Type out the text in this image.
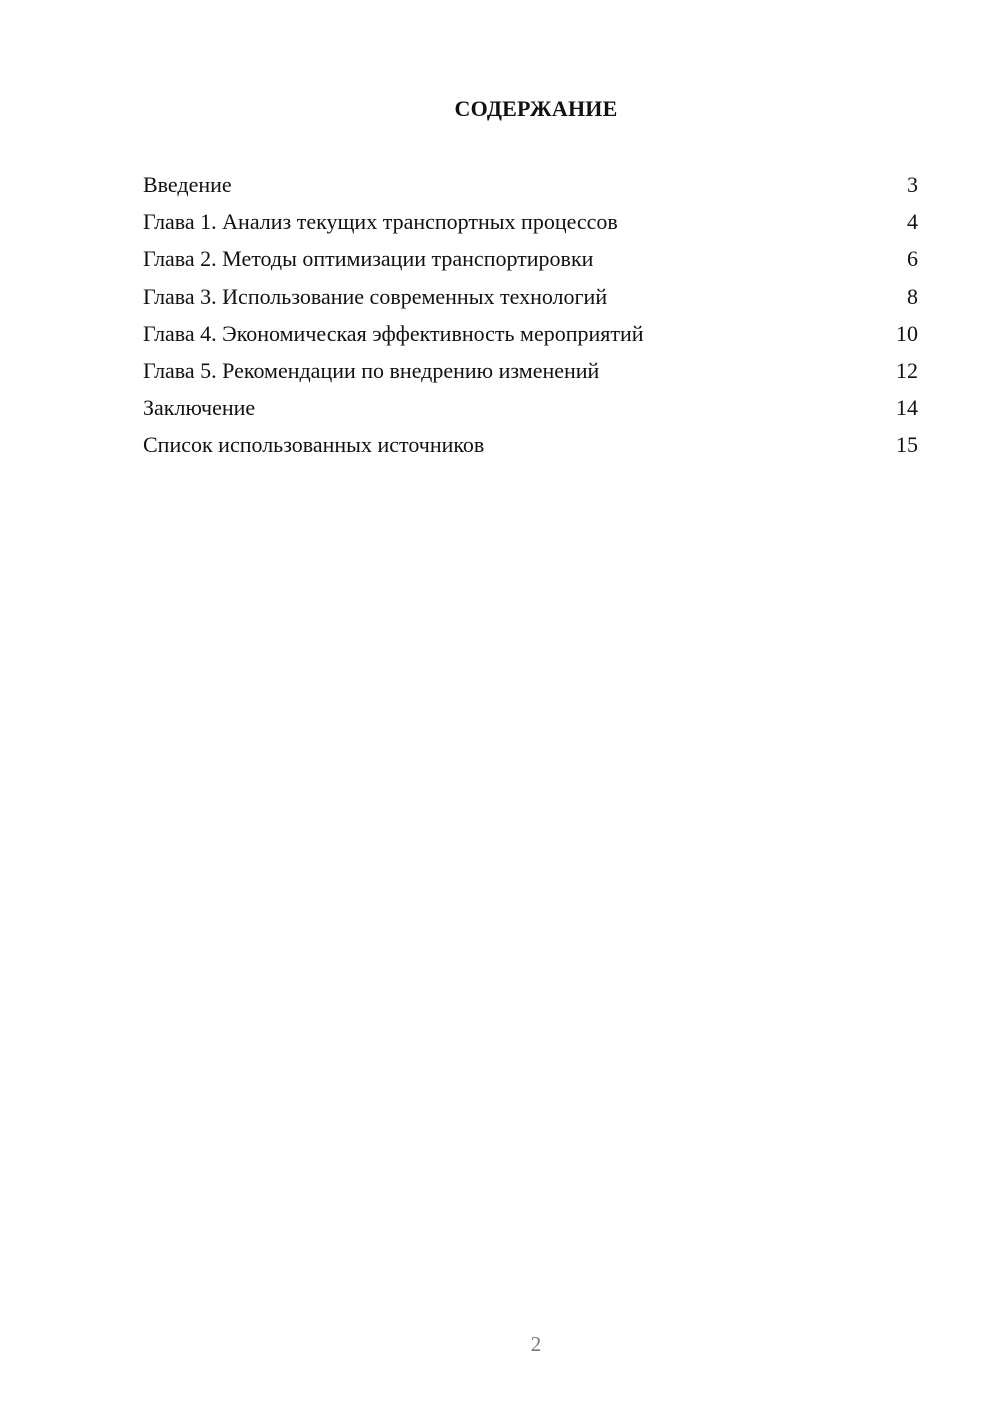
СОДЕРЖАНИЕ
Введение	3
Глава 1. Анализ текущих транспортных процессов	4
Глава 2. Методы оптимизации транспортировки	6
Глава 3. Использование современных технологий	8
Глава 4. Экономическая эффективность мероприятий	10
Глава 5. Рекомендации по внедрению изменений	12
Заключение	14
Список использованных источников	15
2
